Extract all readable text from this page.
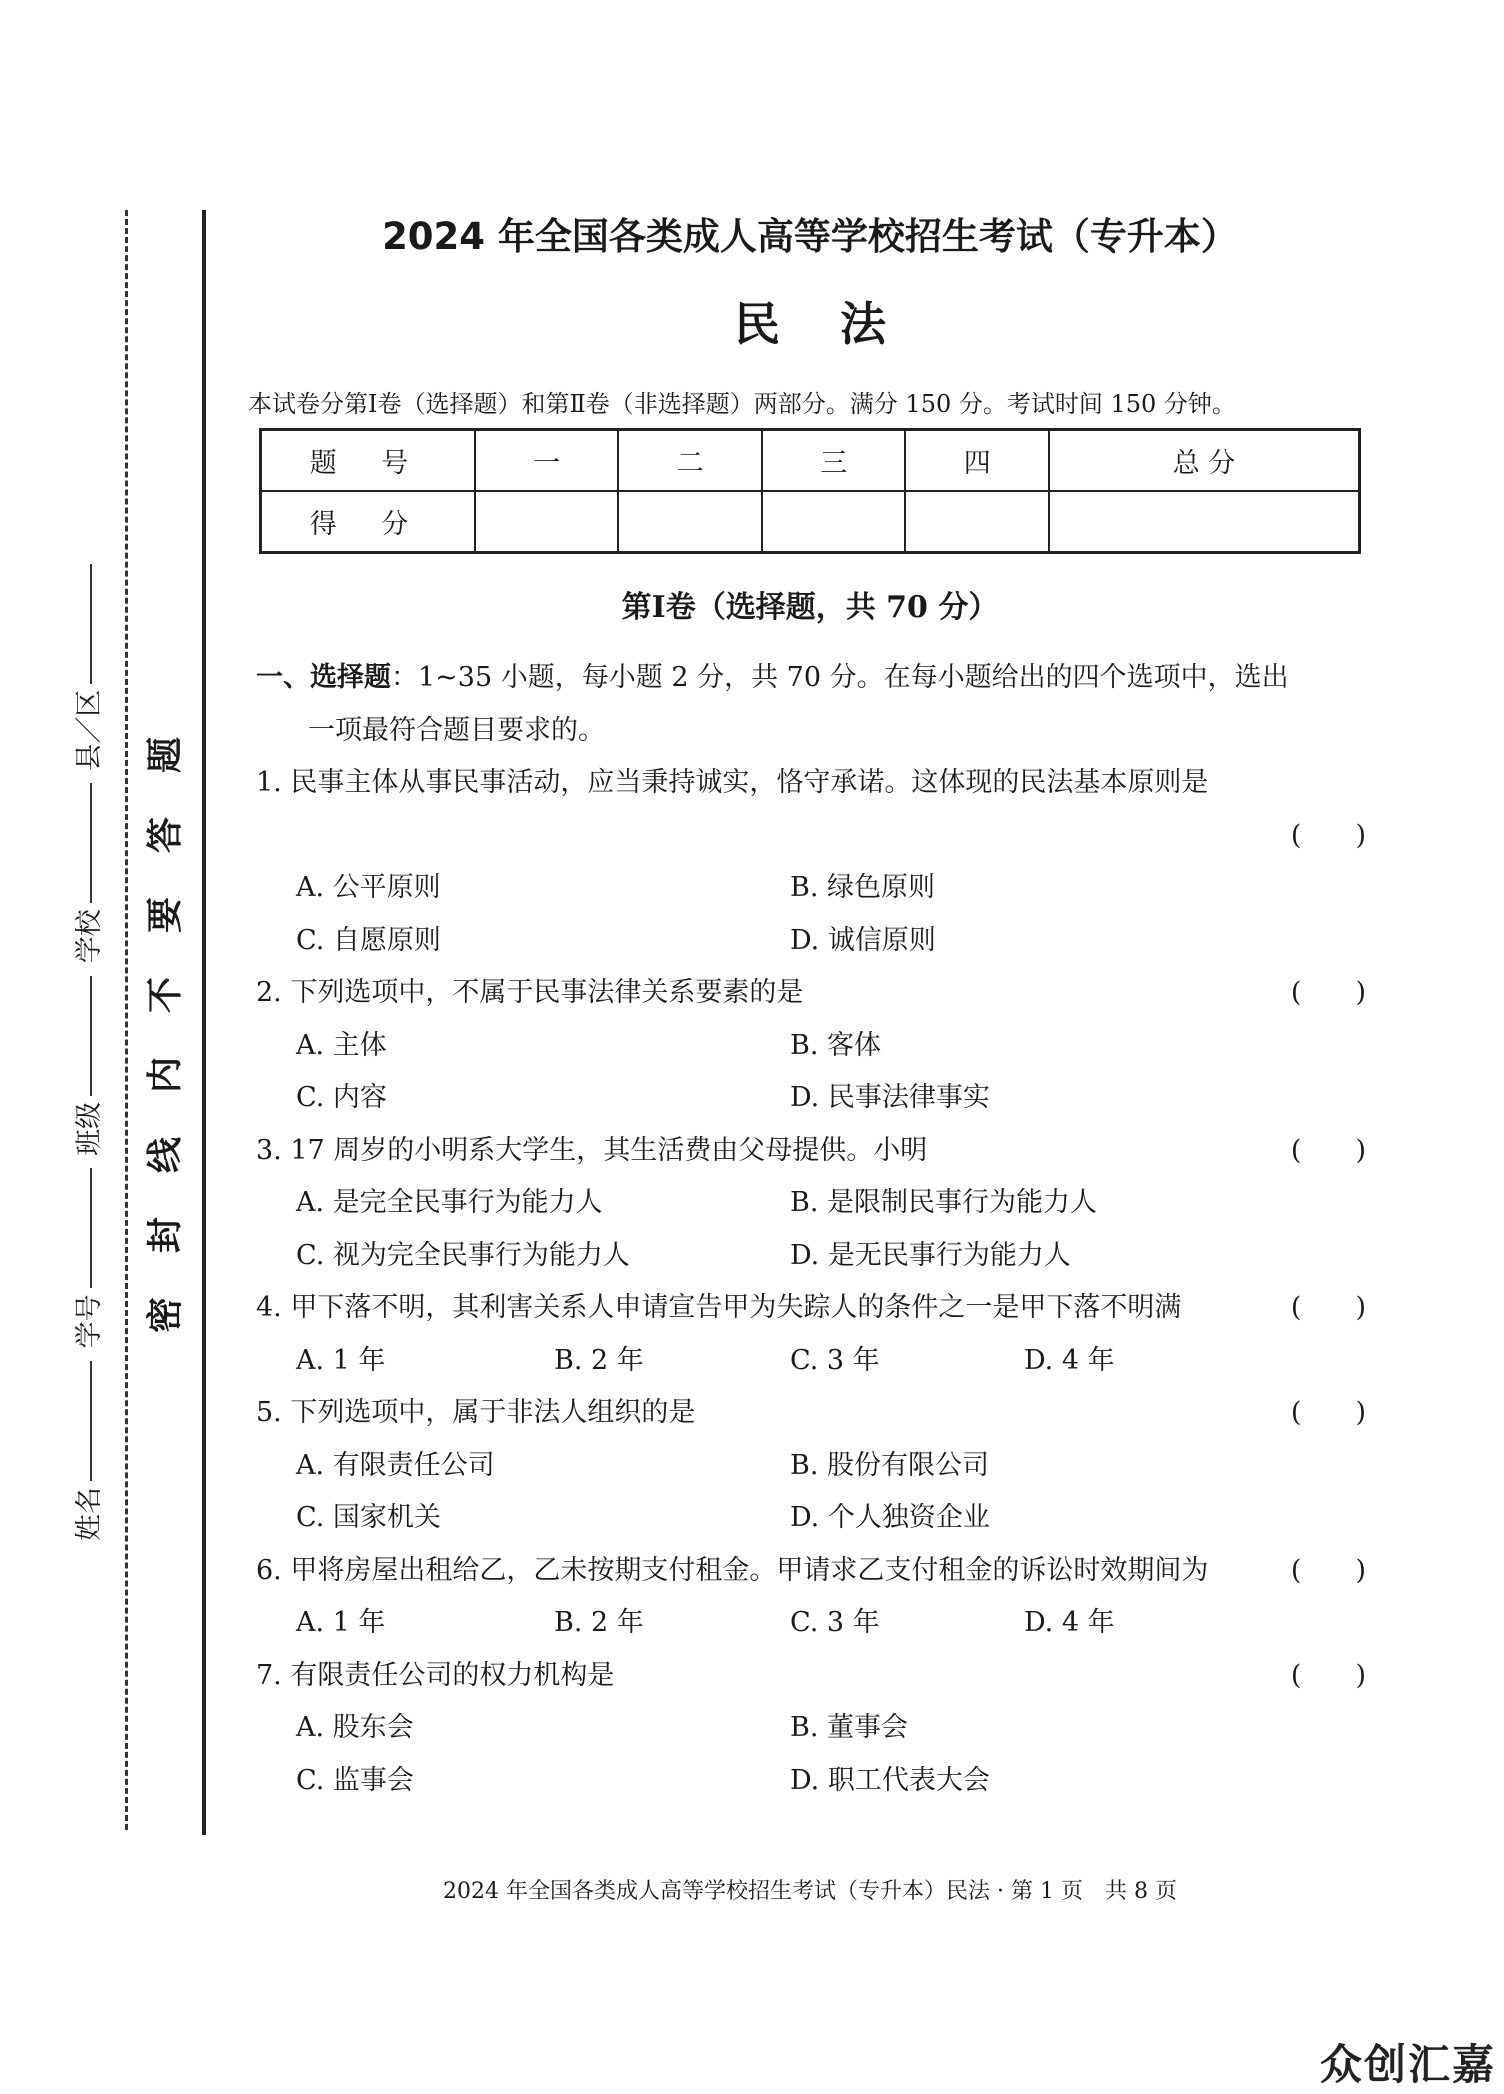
姓名 学号 班级 学校 县／区 密封线内不要答题
2024 年全国各类成人高等学校招生考试（专升本）
民法
本试卷分第Ⅰ卷（选择题）和第Ⅱ卷（非选择题）两部分。满分 150 分。考试时间 150 分钟。
题 号	一	二	三	四	总 分
得 分					
第Ⅰ卷（选择题，共 70 分）
一、选择题：1~35 小题，每小题 2 分，共 70 分。在每小题给出的四个选项中，选出
一项最符合题目要求的。
1. 民事主体从事民事活动，应当秉持诚实，恪守承诺。这体现的民法基本原则是
(　　)
A. 公平原则	B. 绿色原则
C. 自愿原则	D. 诚信原则
2. 下列选项中，不属于民事法律关系要素的是	(　　)
A. 主体	B. 客体
C. 内容	D. 民事法律事实
3. 17 周岁的小明系大学生，其生活费由父母提供。小明	(　　)
A. 是完全民事行为能力人	B. 是限制民事行为能力人
C. 视为完全民事行为能力人	D. 是无民事行为能力人
4. 甲下落不明，其利害关系人申请宣告甲为失踪人的条件之一是甲下落不明满	(　　)
A. 1 年	B. 2 年	C. 3 年	D. 4 年
5. 下列选项中，属于非法人组织的是	(　　)
A. 有限责任公司	B. 股份有限公司
C. 国家机关	D. 个人独资企业
6. 甲将房屋出租给乙，乙未按期支付租金。甲请求乙支付租金的诉讼时效期间为	(　　)
A. 1 年	B. 2 年	C. 3 年	D. 4 年
7. 有限责任公司的权力机构是	(　　)
A. 股东会	B. 董事会
C. 监事会	D. 职工代表大会
2024 年全国各类成人高等学校招生考试（专升本）民法 · 第 1 页　共 8 页
众创汇嘉
